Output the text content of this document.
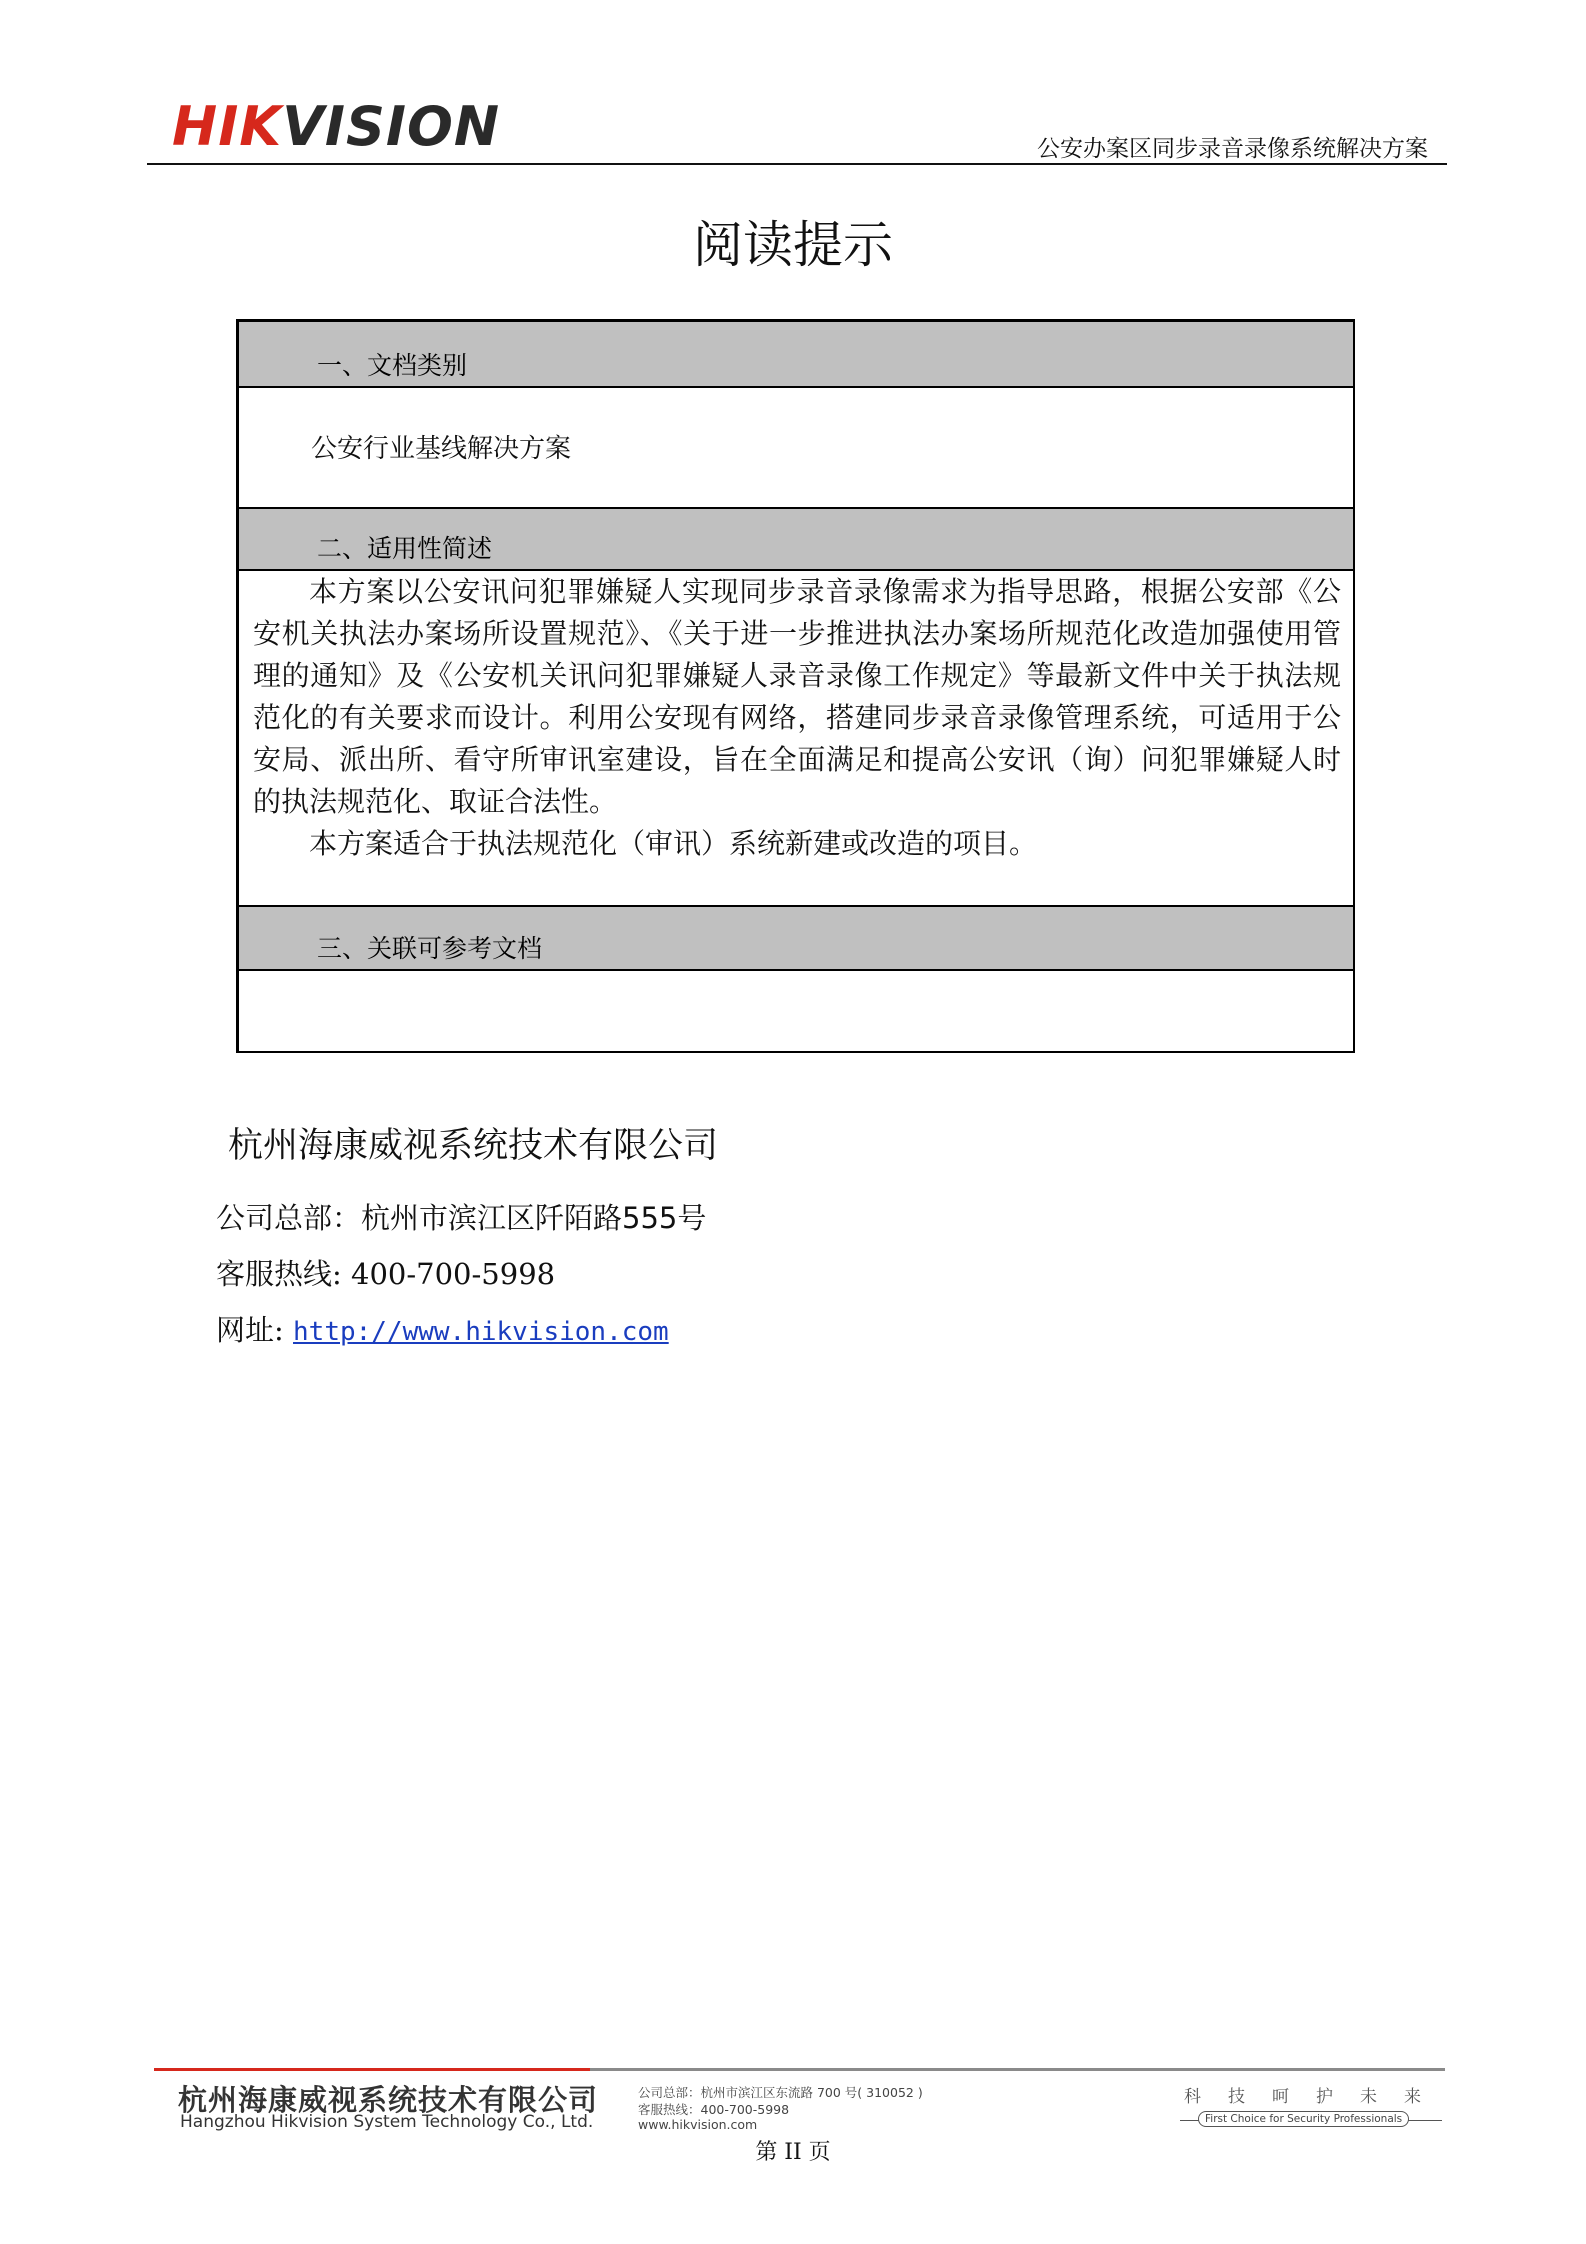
HIKVISION	公安办案区同步录音录像系统解决方案
阅读提示
一、文档类别
公安行业基线解决方案
二、适用性简述

本方案以公安讯问犯罪嫌疑人实现同步录音录像需求为指导思路，根据公安部《公安机关执法办案场所设置规范》、《关于进一步推进执法办案场所规范化改造加强使用管理的通知》及《公安机关讯问犯罪嫌疑人录音录像工作规定》等最新文件中关于执法规范化的有关要求而设计。利用公安现有网络，搭建同步录音录像管理系统，可适用于公安局、派出所、看守所审讯室建设，旨在全面满足和提高公安讯（询）问犯罪嫌疑人时的执法规范化、取证合法性。

本方案适合于执法规范化（审讯）系统新建或改造的项目。

三、关联可参考文档
杭州海康威视系统技术有限公司
公司总部：杭州市滨江区阡陌路555号
客服热线: 400-700-5998
网址: http://www.hikvision.com
杭州海康威视系统技术有限公司
Hangzhou Hikvision System Technology Co., Ltd.
公司总部：杭州市滨江区东流路 700 号( 310052 )
客服热线：400-700-5998
www.hikvision.com
科技呵护未来
First Choice for Security Professionals
第 II 页
